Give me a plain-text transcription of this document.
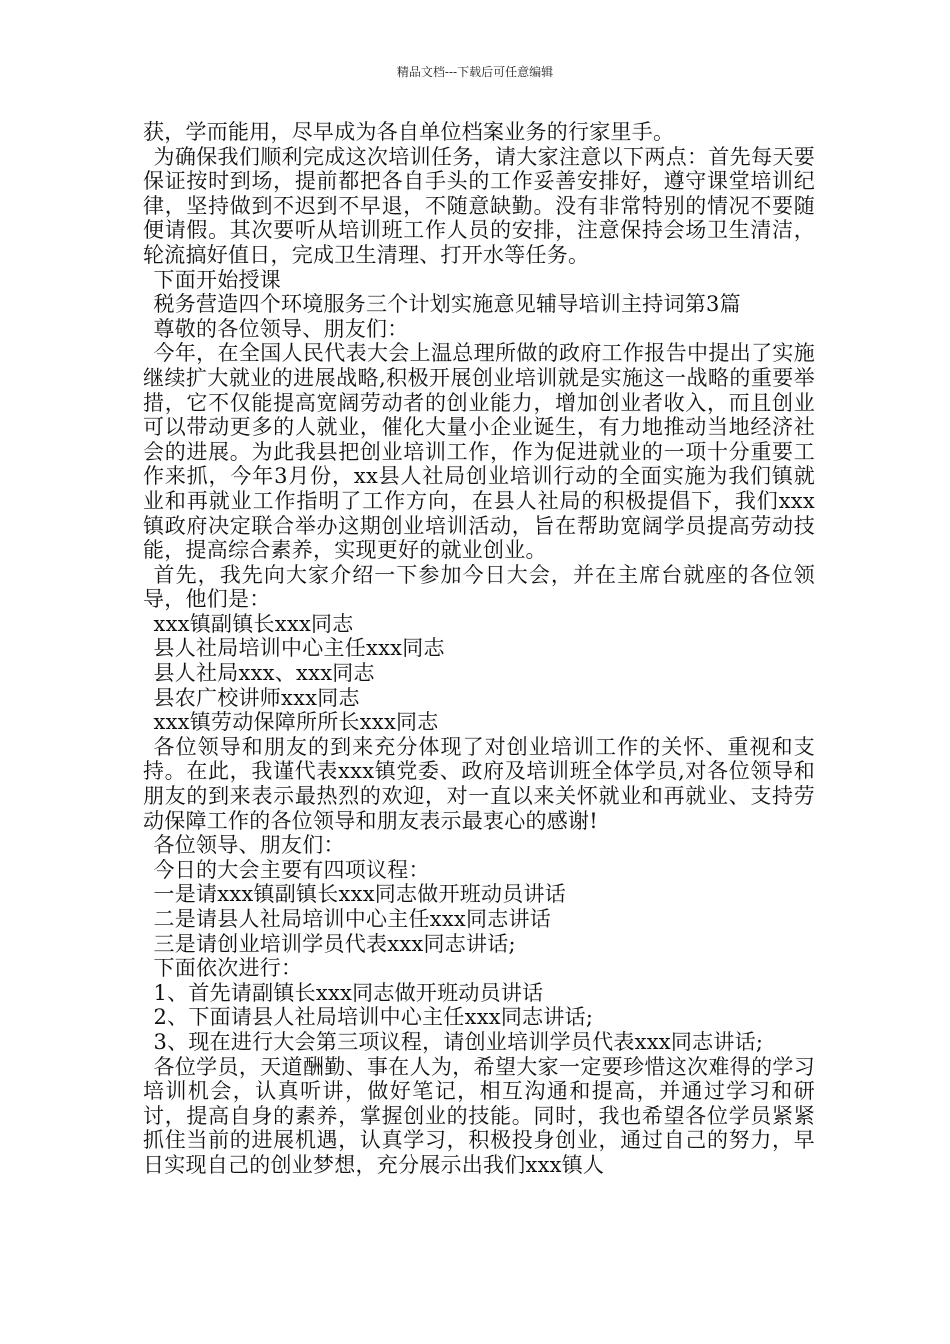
精品文档---下载后可任意编辑

获，学而能用，尽早成为各自单位档案业务的行家里手。

为确保我们顺利完成这次培训任务，请大家注意以下两点：首先每天要保证按时到场，提前都把各自手头的工作妥善安排好，遵守课堂培训纪律，坚持做到不迟到不早退，不随意缺勤。没有非常特别的情况不要随便请假。其次要听从培训班工作人员的安排，注意保持会场卫生清洁，轮流搞好值日，完成卫生清理、打开水等任务。

下面开始授课

税务营造四个环境服务三个计划实施意见辅导培训主持词第3篇

尊敬的各位领导、朋友们：

今年，在全国人民代表大会上温总理所做的政府工作报告中提出了实施继续扩大就业的进展战略,积极开展创业培训就是实施这一战略的重要举措，它不仅能提高宽阔劳动者的创业能力，增加创业者收入，而且创业可以带动更多的人就业，催化大量小企业诞生，有力地推动当地经济社会的进展。为此我县把创业培训工作，作为促进就业的一项十分重要工作来抓，今年3月份，xx县人社局创业培训行动的全面实施为我们镇就业和再就业工作指明了工作方向，在县人社局的积极提倡下，我们xxx镇政府决定联合举办这期创业培训活动，旨在帮助宽阔学员提高劳动技能，提高综合素养，实现更好的就业创业。

首先，我先向大家介绍一下参加今日大会，并在主席台就座的各位领导，他们是：

xxx镇副镇长xxx同志

县人社局培训中心主任xxx同志

县人社局xxx、xxx同志

县农广校讲师xxx同志

xxx镇劳动保障所所长xxx同志

各位领导和朋友的到来充分体现了对创业培训工作的关怀、重视和支持。在此，我谨代表xxx镇党委、政府及培训班全体学员,对各位领导和朋友的到来表示最热烈的欢迎，对一直以来关怀就业和再就业、支持劳动保障工作的各位领导和朋友表示最衷心的感谢!

各位领导、朋友们：

今日的大会主要有四项议程：

一是请xxx镇副镇长xxx同志做开班动员讲话

二是请县人社局培训中心主任xxx同志讲话

三是请创业培训学员代表xxx同志讲话;

下面依次进行：

1、首先请副镇长xxx同志做开班动员讲话

2、下面请县人社局培训中心主任xxx同志讲话;

3、现在进行大会第三项议程，请创业培训学员代表xxx同志讲话;

各位学员，天道酬勤、事在人为，希望大家一定要珍惜这次难得的学习培训机会，认真听讲，做好笔记，相互沟通和提高，并通过学习和研讨，提高自身的素养，掌握创业的技能。同时，我也希望各位学员紧紧抓住当前的进展机遇，认真学习，积极投身创业，通过自己的努力，早日实现自己的创业梦想，充分展示出我们xxx镇人
